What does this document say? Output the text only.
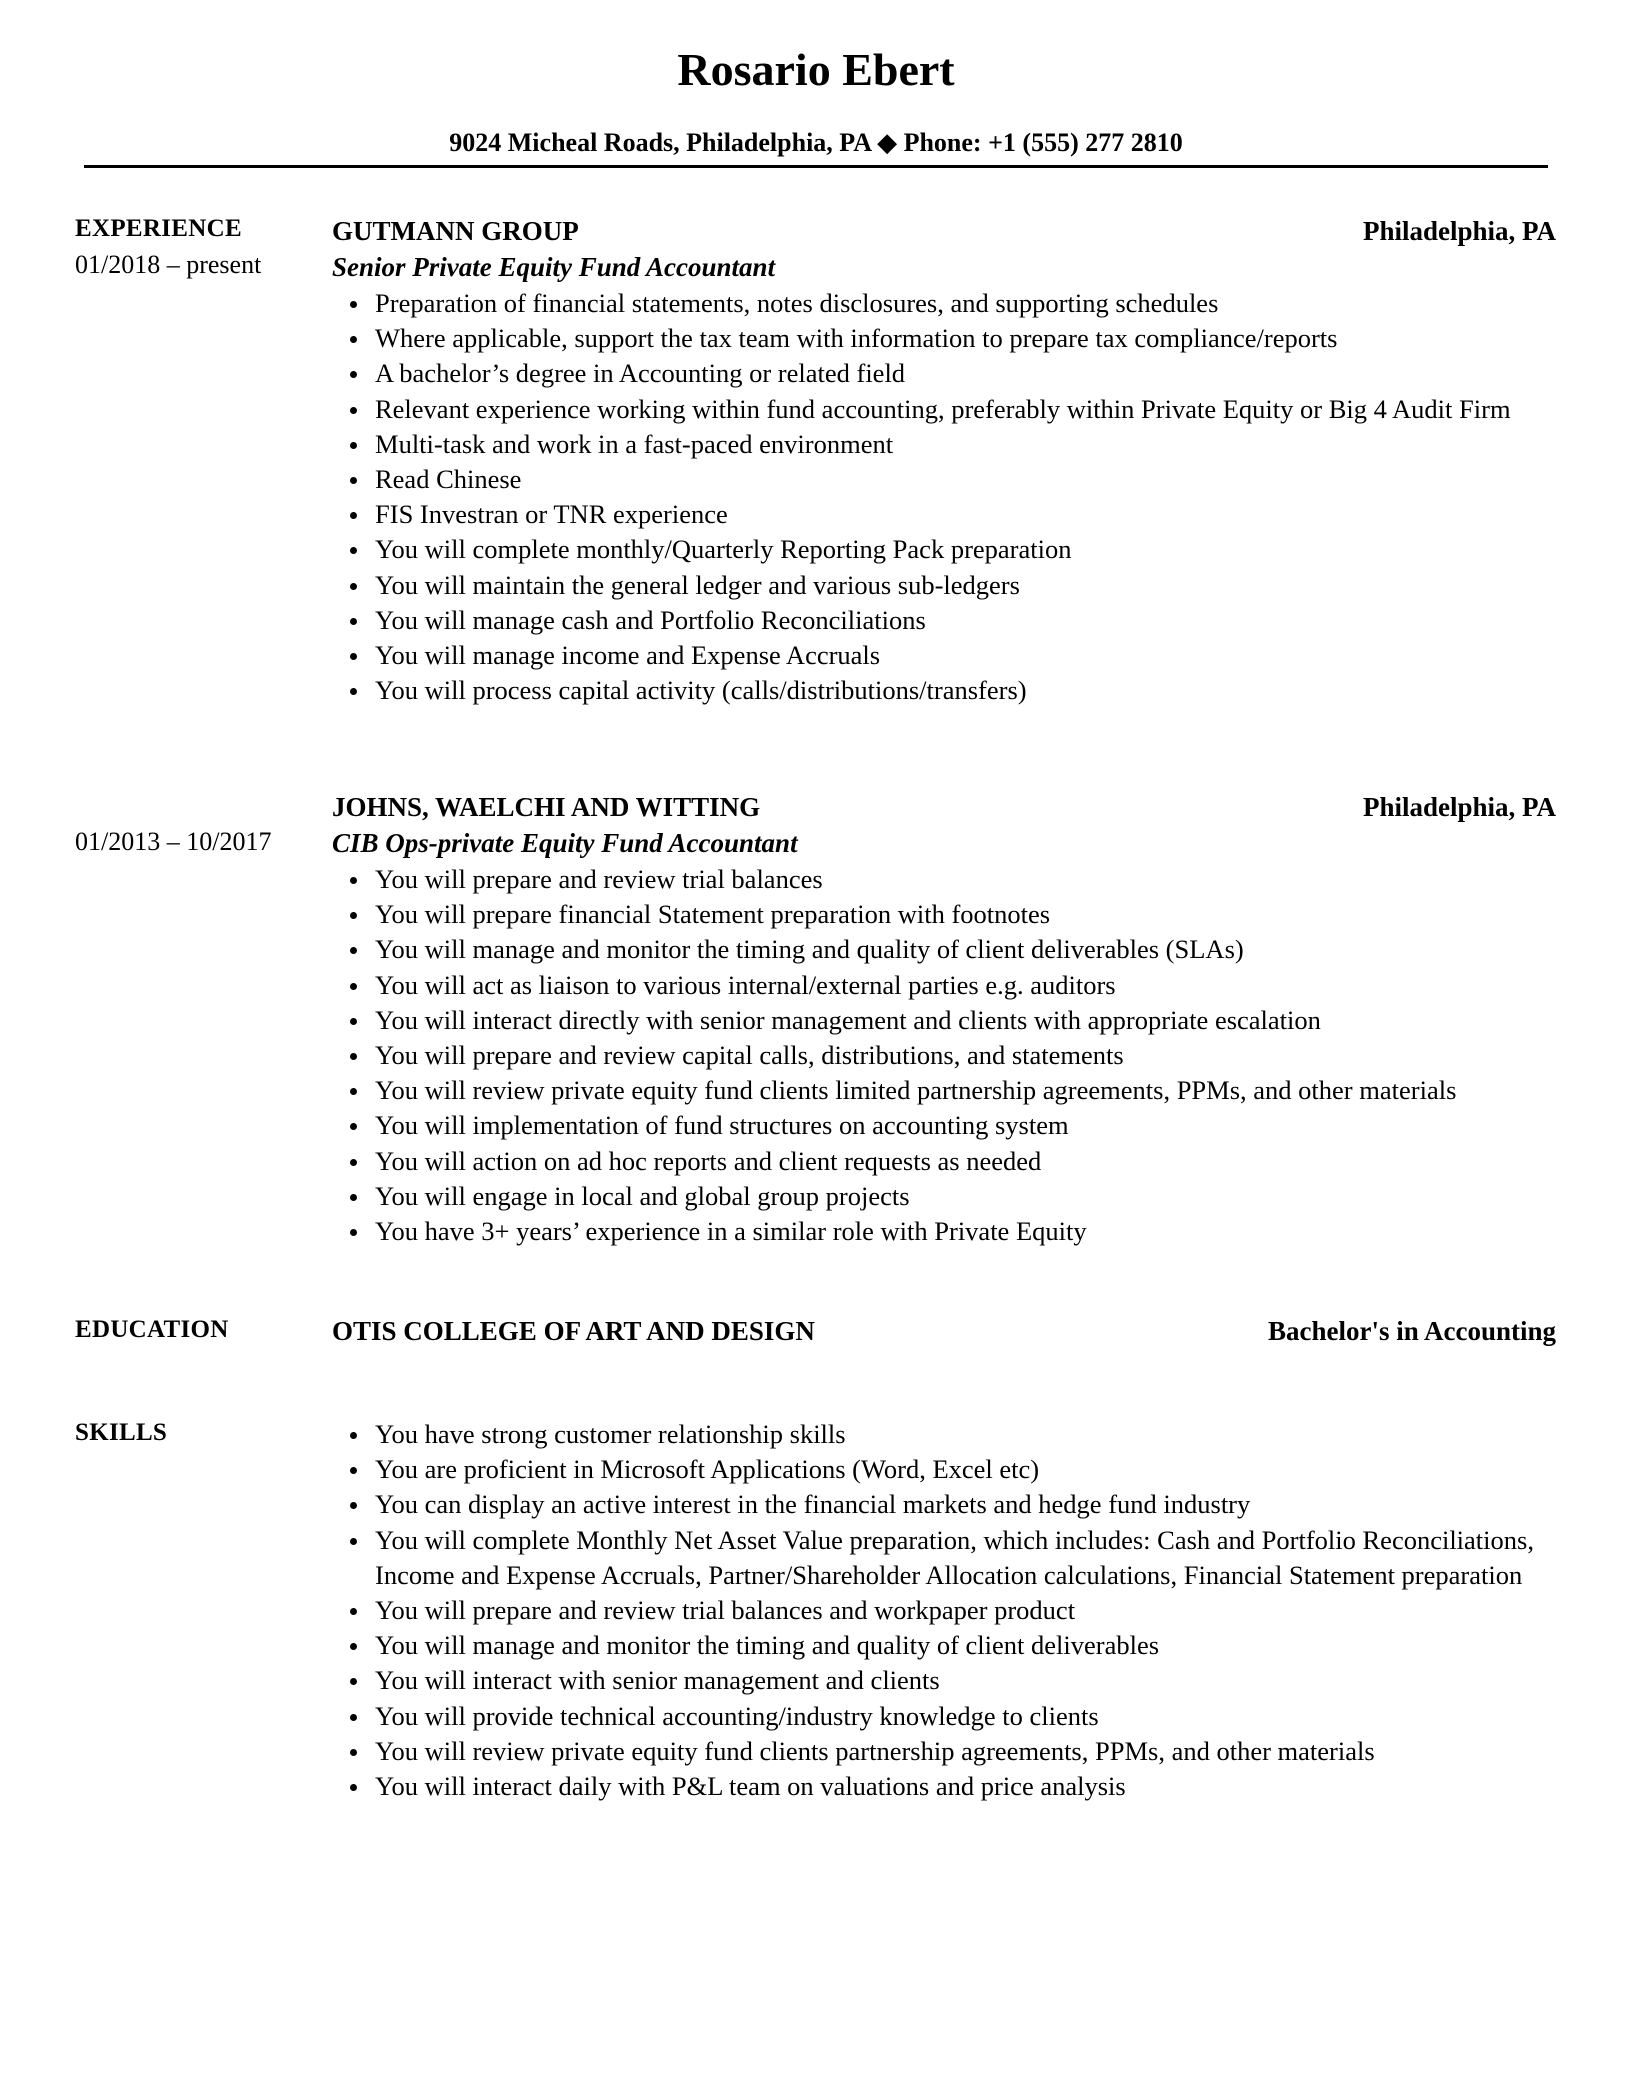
Rosario Ebert
9024 Micheal Roads, Philadelphia, PA ◆ Phone: +1 (555) 277 2810
EXPERIENCE
01/2018 – present
GUTMANN GROUP	Philadelphia, PA
Senior Private Equity Fund Accountant
Preparation of financial statements, notes disclosures, and supporting schedules
Where applicable, support the tax team with information to prepare tax compliance/reports
A bachelor’s degree in Accounting or related field
Relevant experience working within fund accounting, preferably within Private Equity or Big 4 Audit Firm
Multi-task and work in a fast-paced environment
Read Chinese
FIS Investran or TNR experience
You will complete monthly/Quarterly Reporting Pack preparation
You will maintain the general ledger and various sub-ledgers
You will manage cash and Portfolio Reconciliations
You will manage income and Expense Accruals
You will process capital activity (calls/distributions/transfers)
JOHNS, WAELCHI AND WITTING	Philadelphia, PA
01/2013 – 10/2017 CIB Ops-private Equity Fund Accountant
You will prepare and review trial balances
You will prepare financial Statement preparation with footnotes
You will manage and monitor the timing and quality of client deliverables (SLAs)
You will act as liaison to various internal/external parties e.g. auditors
You will interact directly with senior management and clients with appropriate escalation
You will prepare and review capital calls, distributions, and statements
You will review private equity fund clients limited partnership agreements, PPMs, and other materials
You will implementation of fund structures on accounting system
You will action on ad hoc reports and client requests as needed
You will engage in local and global group projects
You have 3+ years’ experience in a similar role with Private Equity
EDUCATION	OTIS COLLEGE OF ART AND DESIGN	Bachelor's in Accounting
SKILLS	You have strong customer relationship skills
You are proficient in Microsoft Applications (Word, Excel etc)
You can display an active interest in the financial markets and hedge fund industry
You will complete Monthly Net Asset Value preparation, which includes: Cash and Portfolio Reconciliations, Income and Expense Accruals, Partner/Shareholder Allocation calculations, Financial Statement preparation
You will prepare and review trial balances and workpaper product
You will manage and monitor the timing and quality of client deliverables
You will interact with senior management and clients
You will provide technical accounting/industry knowledge to clients
You will review private equity fund clients partnership agreements, PPMs, and other materials
You will interact daily with P&L team on valuations and price analysis
